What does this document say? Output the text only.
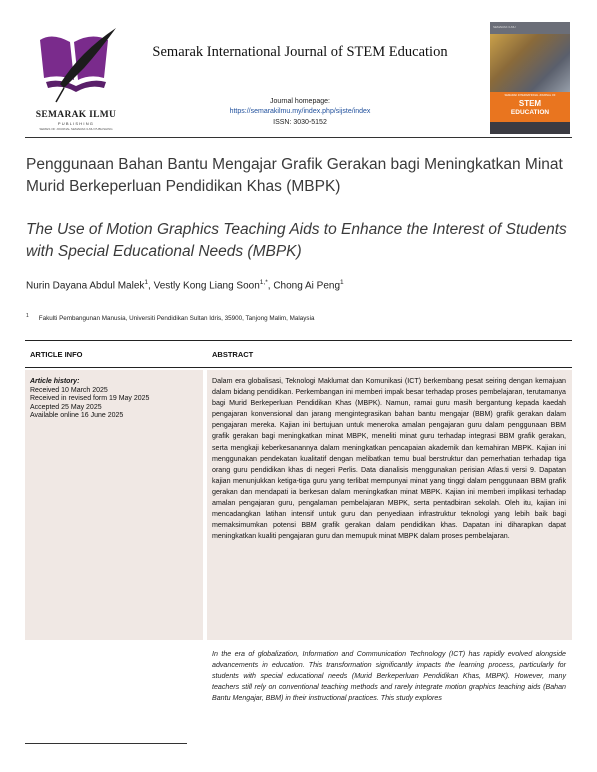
SEMARAK ILMU
PUBLISHING
SERIES OF JOURNAL SEMARAK ILMU PUBLISHING
Semarak International Journal of STEM Education
Journal homepage:
https://semarakilmu.my/index.php/sijste/index
ISSN: 3030-5152
SEMARAK ILMU
SEMARAK INTERNATIONAL JOURNAL OF
STEM
EDUCATION
Penggunaan Bahan Bantu Mengajar Grafik Gerakan bagi Meningkatkan Minat Murid Berkeperluan Pendidikan Khas (MBPK)
The Use of Motion Graphics Teaching Aids to Enhance the Interest of Students with Special Educational Needs (MBPK)
Nurin Dayana Abdul Malek$^1$, Vestly Kong Liang Soon$^{1,*}$, Chong Ai Peng$^1$
$^1$ Fakulti Pembangunan Manusia, Universiti Pendidikan Sultan Idris, 35900, Tanjong Malim, Malaysia
ARTICLE INFO	ABSTRACT
Article history:
Received 10 March 2025
Received in revised form 19 May 2025
Accepted 25 May 2025
Available online 16 June 2025
Dalam era globalisasi, Teknologi Maklumat dan Komunikasi (ICT) berkembang pesat seiring dengan kemajuan dalam bidang pendidikan. Perkembangan ini memberi impak besar terhadap proses pembelajaran, terutamanya bagi Murid Berkeperluan Pendidikan Khas (MBPK). Namun, ramai guru masih bergantung kepada kaedah pengajaran konvensional dan jarang mengintegrasikan bahan bantu mengajar (BBM) grafik gerakan dalam pengajaran mereka. Kajian ini bertujuan untuk meneroka amalan pengajaran guru dalam penggunaan BBM grafik gerakan bagi meningkatkan minat MBPK, meneliti minat guru terhadap integrasi BBM grafik gerakan, serta mengkaji keberkesanannya dalam meningkatkan pencapaian akademik dan kemahiran MBPK. Kajian ini menggunakan pendekatan kualitatif dengan melibatkan temu bual berstruktur dan pemerhatian terhadap tiga orang guru pendidikan khas di negeri Perlis. Data dianalisis menggunakan perisian Atlas.ti versi 9. Dapatan kajian menunjukkan ketiga-tiga guru yang terlibat mempunyai minat yang tinggi dalam penggunaan BBM grafik gerakan dan mendapati ia berkesan dalam meningkatkan minat MBPK. Kajian ini memberi implikasi terhadap amalan pengajaran guru, pengalaman pembelajaran MBPK, serta pentadbiran sekolah. Oleh itu, kajian ini mencadangkan latihan intensif untuk guru dan penyediaan infrastruktur teknologi yang lebih baik bagi memaksimumkan potensi BBM grafik gerakan dalam pendidikan khas. Dapatan ini diharapkan dapat meningkatkan kualiti pengajaran guru dan memupuk minat MBPK dalam proses pembelajaran.
In the era of globalization, Information and Communication Technology (ICT) has rapidly evolved alongside advancements in education. This transformation significantly impacts the learning process, particularly for students with special educational needs (Murid Berkeperluan Pendidikan Khas, MBPK). However, many teachers still rely on conventional teaching methods and rarely integrate motion graphics teaching aids (Bahan Bantu Mengajar, BBM) in their instructional practices. This study explores
